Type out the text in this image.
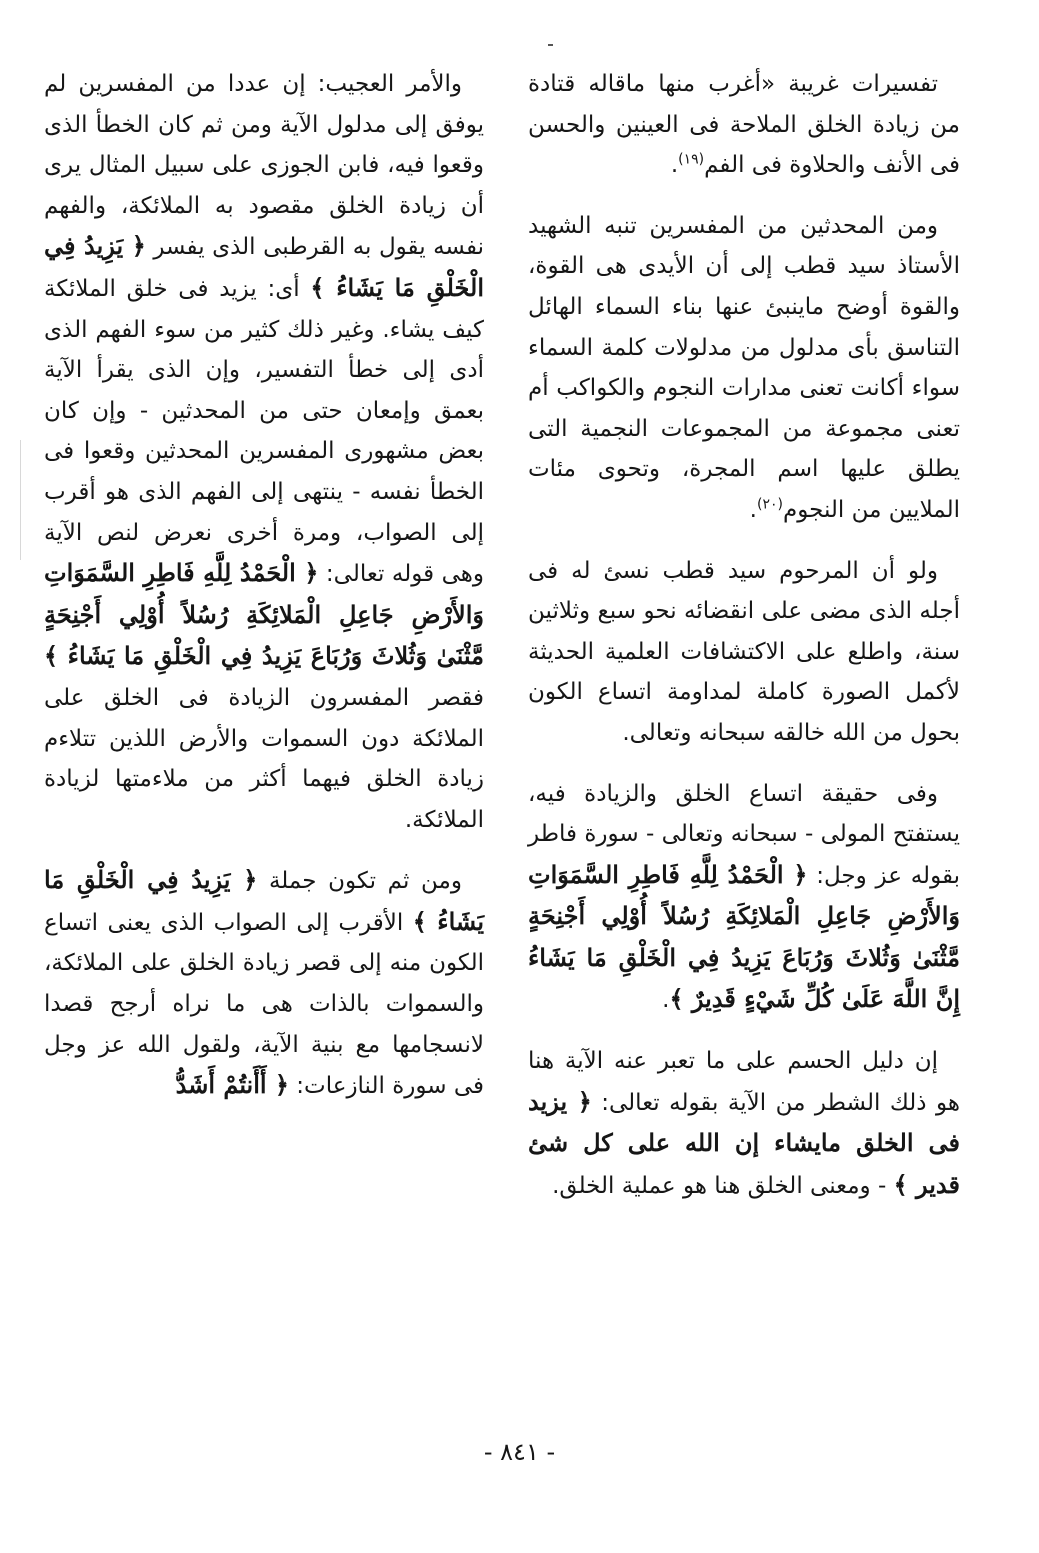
تفسيرات غريبة «أغرب منها ماقاله قتادة من زيادة الخلق الملاحة فى العينين والحسن فى الأنف والحلاوة فى الفم$^{(١٩)}$.

ومن المحدثين من المفسرين تنبه الشهيد الأستاذ سيد قطب إلى أن الأيدى هى القوة، والقوة أوضح ماينبئ عنها بناء السماء الهائل التناسق بأى مدلول من مدلولات كلمة السماء سواء أكانت تعنى مدارات النجوم والكواكب أم تعنى مجموعة من المجموعات النجمية التى يطلق عليها اسم المجرة، وتحوى مئات الملايين من النجوم$^{(٢٠)}$.

ولو أن المرحوم سيد قطب نسئ له فى أجله الذى مضى على انقضائه نحو سبع وثلاثين سنة، واطلع على الاكتشافات العلمية الحديثة لأكمل الصورة كاملة لمداومة اتساع الكون بحول من الله خالقه سبحانه وتعالى.

وفى حقيقة اتساع الخلق والزيادة فيه، يستفتح المولى - سبحانه وتعالى - سورة فاطر بقوله عز وجل: ﴿ الْحَمْدُ لِلَّهِ فَاطِرِ السَّمَوَاتِ وَالأَرْضِ جَاعِلِ الْمَلائِكَةِ رُسُلاً أُوْلِي أَجْنِحَةٍ مَّثْنَىٰ وَثُلاثَ وَرُبَاعَ يَزِيدُ فِي الْخَلْقِ مَا يَشَاءُ إِنَّ اللَّهَ عَلَىٰ كُلِّ شَيْءٍ قَدِيرٌ ﴾.

إن دليل الحسم على ما تعبر عنه الآية هنا هو ذلك الشطر من الآية بقوله تعالى: ﴿ يزيد فى الخلق مايشاء إن الله على كل شئ قدير ﴾ - ومعنى الخلق هنا هو عملية الخلق.

والأمر العجيب: إن عددا من المفسرين لم يوفق إلى مدلول الآية ومن ثم كان الخطأ الذى وقعوا فيه، فابن الجوزى على سبيل المثال يرى أن زيادة الخلق مقصود به الملائكة، والفهم نفسه يقول به القرطبى الذى يفسر ﴿ يَزِيدُ فِي الْخَلْقِ مَا يَشَاءُ ﴾ أى: يزيد فى خلق الملائكة كيف يشاء. وغير ذلك كثير من سوء الفهم الذى أدى إلى خطأ التفسير، وإن الذى يقرأ الآية بعمق وإمعان حتى من المحدثين - وإن كان بعض مشهورى المفسرين المحدثين وقعوا فى الخطأ نفسه - ينتهى إلى الفهم الذى هو أقرب إلى الصواب، ومرة أخرى نعرض لنص الآية وهى قوله تعالى: ﴿ الْحَمْدُ لِلَّهِ فَاطِرِ السَّمَوَاتِ وَالأَرْضِ جَاعِلِ الْمَلائِكَةِ رُسُلاً أُوْلِي أَجْنِحَةٍ مَّثْنَىٰ وَثُلاثَ وَرُبَاعَ يَزِيدُ فِي الْخَلْقِ مَا يَشَاءُ ﴾ فقصر المفسرون الزيادة فى الخلق على الملائكة دون السموات والأرض اللذين تتلاءم زيادة الخلق فيهما أكثر من ملاءمتها لزيادة الملائكة.

ومن ثم تكون جملة ﴿ يَزِيدُ فِي الْخَلْقِ مَا يَشَاءُ ﴾ الأقرب إلى الصواب الذى يعنى اتساع الكون منه إلى قصر زيادة الخلق على الملائكة، والسموات بالذات هى ما نراه أرجح قصدا لانسجامها مع بنية الآية، ولقول الله عز وجل فى سورة النازعات: ﴿ أَأَنتُمْ أَشَدُّ

- ٨٤١ -
